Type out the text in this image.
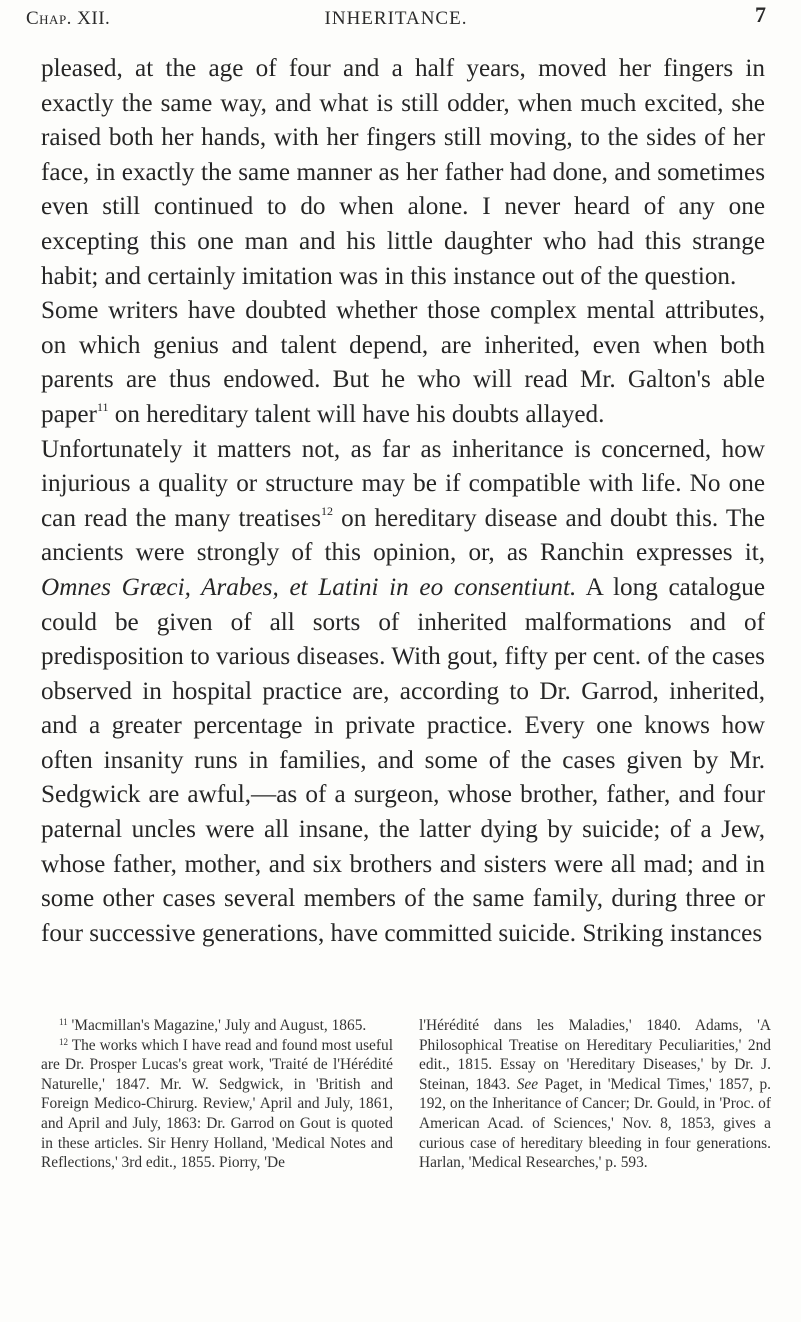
Chap. XII.	INHERITANCE.	7

pleased, at the age of four and a half years, moved her fingers in exactly the same way, and what is still odder, when much excited, she raised both her hands, with her fingers still moving, to the sides of her face, in exactly the same manner as her father had done, and sometimes even still continued to do when alone. I never heard of any one excepting this one man and his little daughter who had this strange habit; and certainly imitation was in this instance out of the question.

Some writers have doubted whether those complex mental attributes, on which genius and talent depend, are inherited, even when both parents are thus endowed. But he who will read Mr. Galton's able paper$^{11}$ on hereditary talent will have his doubts allayed.

Unfortunately it matters not, as far as inheritance is concerned, how injurious a quality or structure may be if compatible with life. No one can read the many treatises$^{12}$ on hereditary disease and doubt this. The ancients were strongly of this opinion, or, as Ranchin expresses it, Omnes Græci, Arabes, et Latini in eo consentiunt. A long catalogue could be given of all sorts of inherited malformations and of predisposition to various diseases. With gout, fifty per cent. of the cases observed in hospital practice are, according to Dr. Garrod, inherited, and a greater percentage in private practice. Every one knows how often insanity runs in families, and some of the cases given by Mr. Sedgwick are awful,—as of a surgeon, whose brother, father, and four paternal uncles were all insane, the latter dying by suicide; of a Jew, whose father, mother, and six brothers and sisters were all mad; and in some other cases several members of the same family, during three or four successive generations, have committed suicide. Striking instances

$^{11}$ 'Macmillan's Magazine,' July and August, 1865.

$^{12}$ The works which I have read and found most useful are Dr. Prosper Lucas's great work, 'Traité de l'Hérédité Naturelle,' 1847. Mr. W. Sedgwick, in 'British and Foreign Medico-Chirurg. Review,' April and July, 1861, and April and July, 1863: Dr. Garrod on Gout is quoted in these articles. Sir Henry Holland, 'Medical Notes and Reflections,' 3rd edit., 1855. Piorry, 'De

l'Hérédité dans les Maladies,' 1840. Adams, 'A Philosophical Treatise on Hereditary Peculiarities,' 2nd edit., 1815. Essay on 'Hereditary Diseases,' by Dr. J. Steinan, 1843. See Paget, in 'Medical Times,' 1857, p. 192, on the Inheritance of Cancer; Dr. Gould, in 'Proc. of American Acad. of Sciences,' Nov. 8, 1853, gives a curious case of hereditary bleeding in four generations. Harlan, 'Medical Researches,' p. 593.
